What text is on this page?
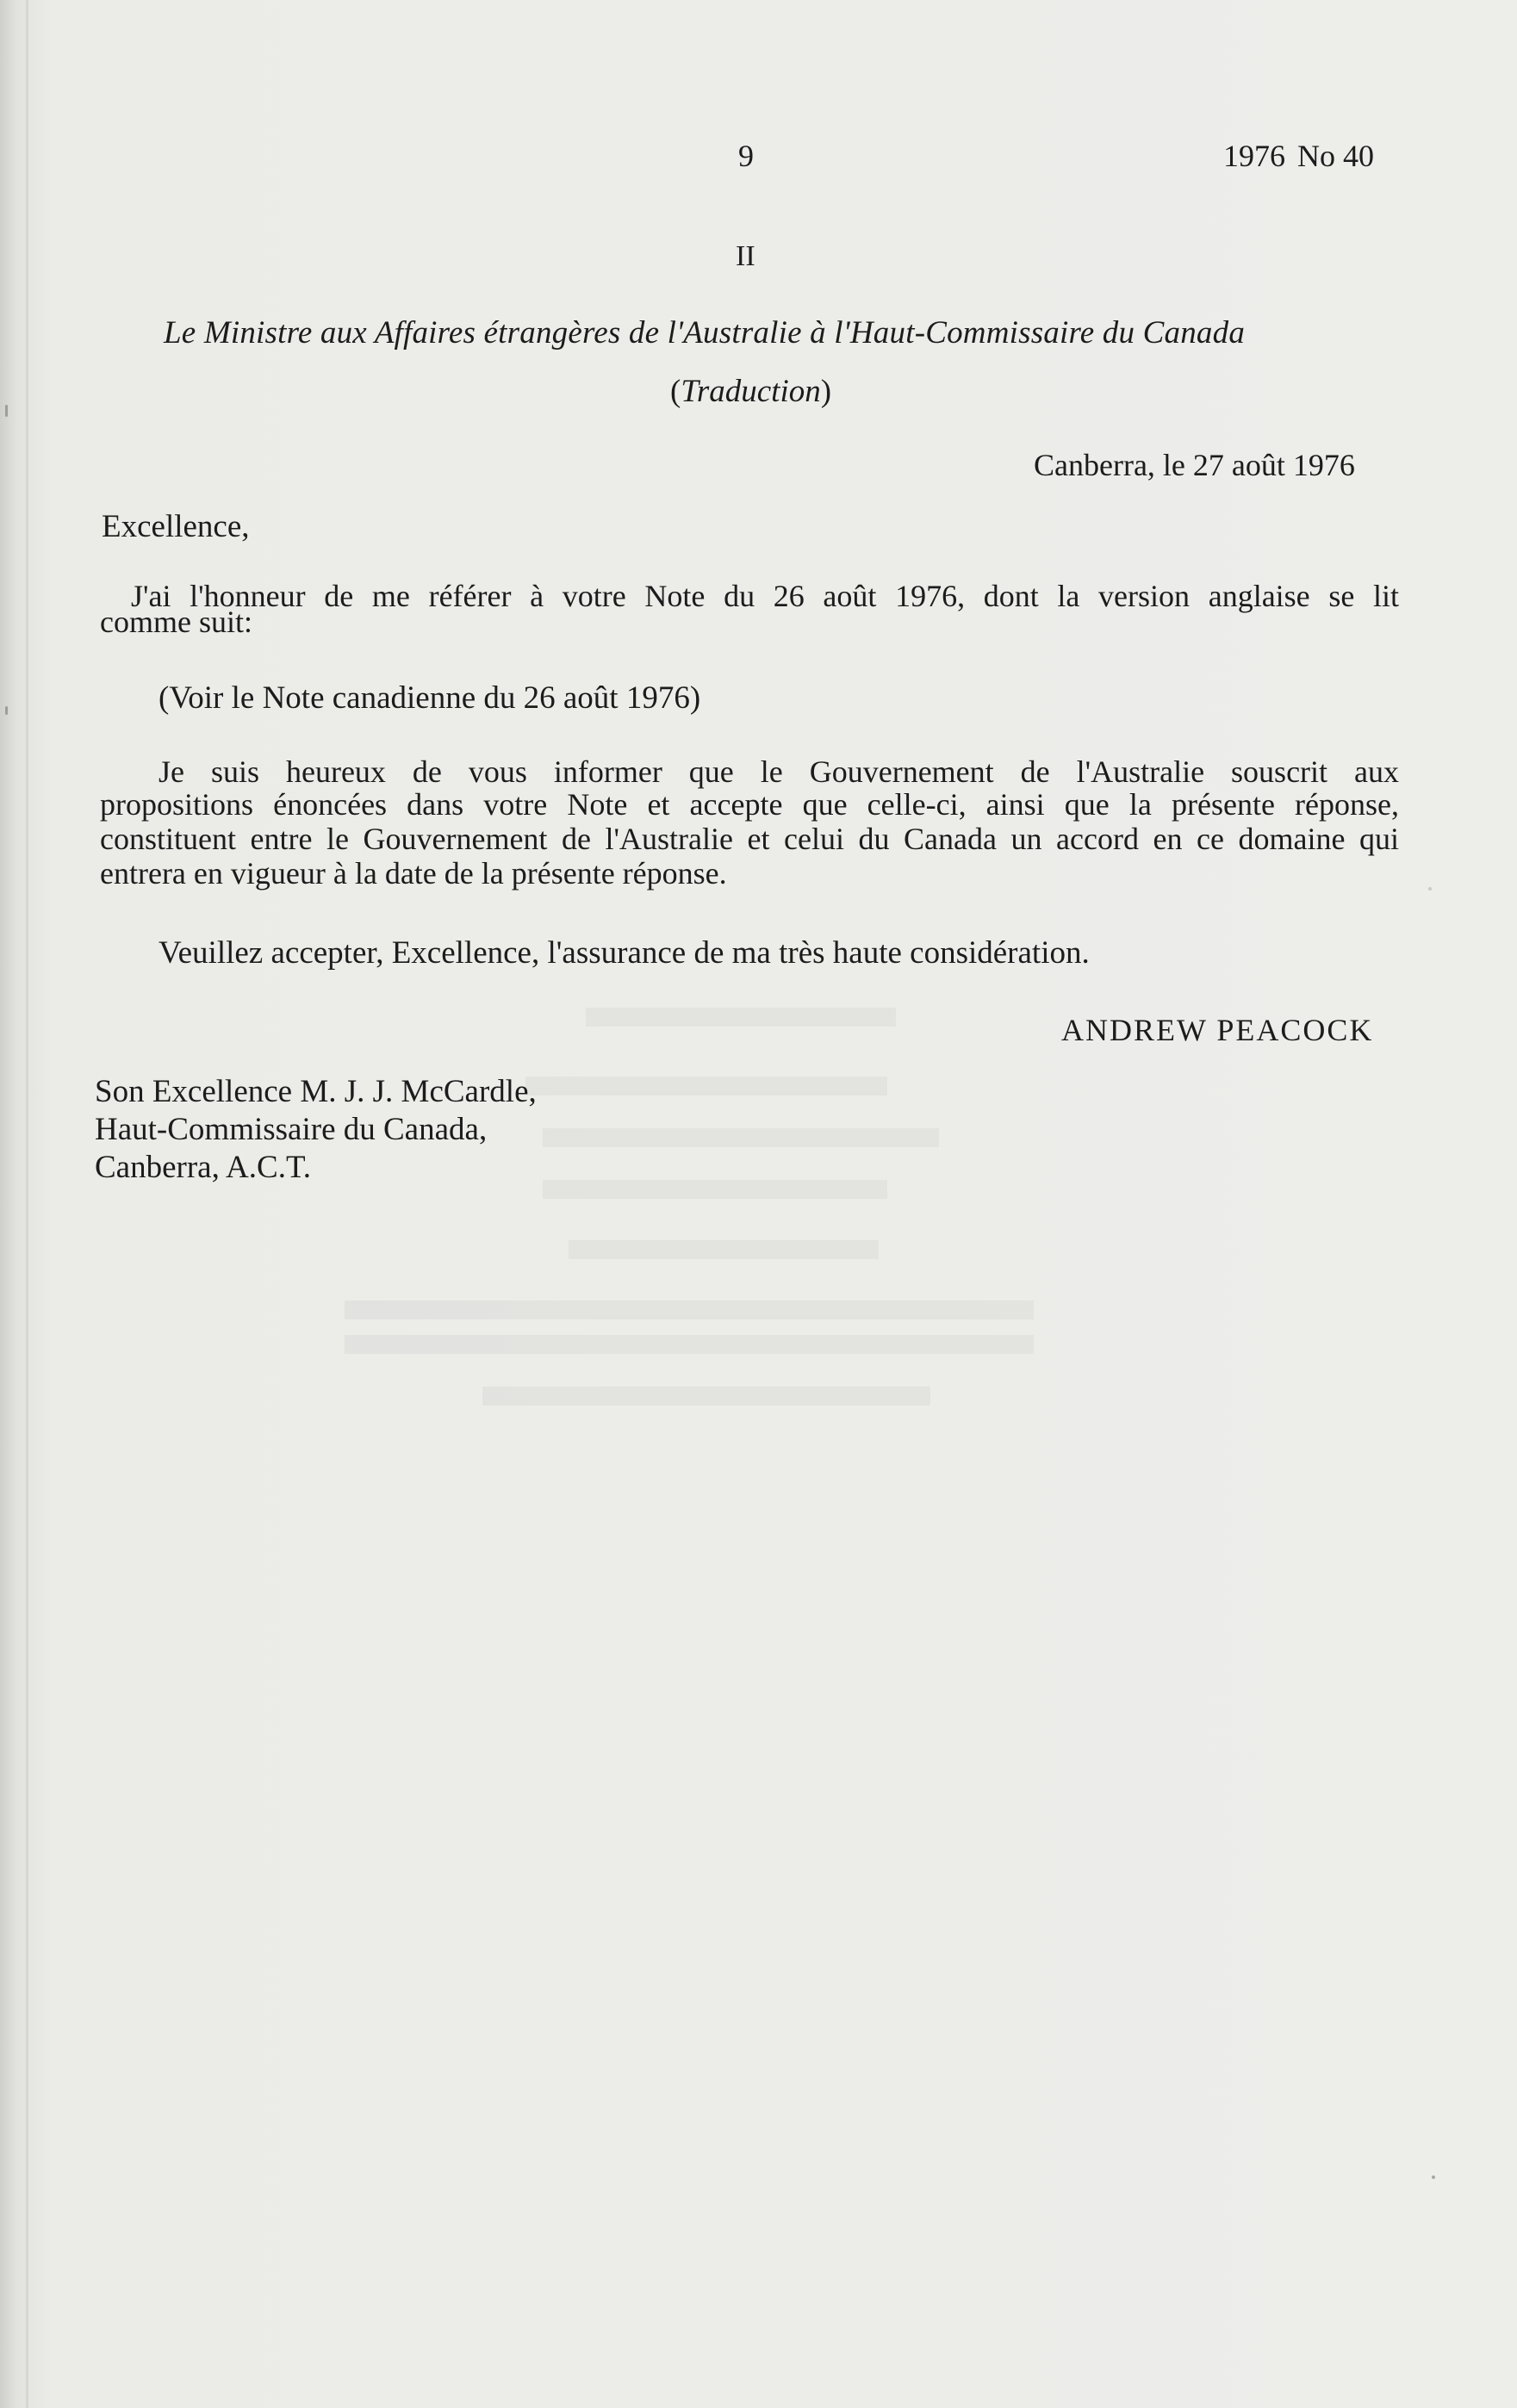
9	1976 No 40
II
Le Ministre aux Affaires étrangères de l'Australie à l'Haut-Commissaire du Canada
(Traduction)
Canberra, le 27 août 1976
Excellence,
J'ai l'honneur de me référer à votre Note du 26 août 1976, dont la version anglaise se lit
comme suit:
(Voir le Note canadienne du 26 août 1976)
Je suis heureux de vous informer que le Gouvernement de l'Australie souscrit aux
propositions énoncées dans votre Note et accepte que celle-ci, ainsi que la présente réponse,
constituent entre le Gouvernement de l'Australie et celui du Canada un accord en ce domaine qui
entrera en vigueur à la date de la présente réponse.
Veuillez accepter, Excellence, l'assurance de ma très haute considération.
ANDREW PEACOCK
Son Excellence M. J. J. McCardle,
Haut-Commissaire du Canada,
Canberra, A.C.T.
